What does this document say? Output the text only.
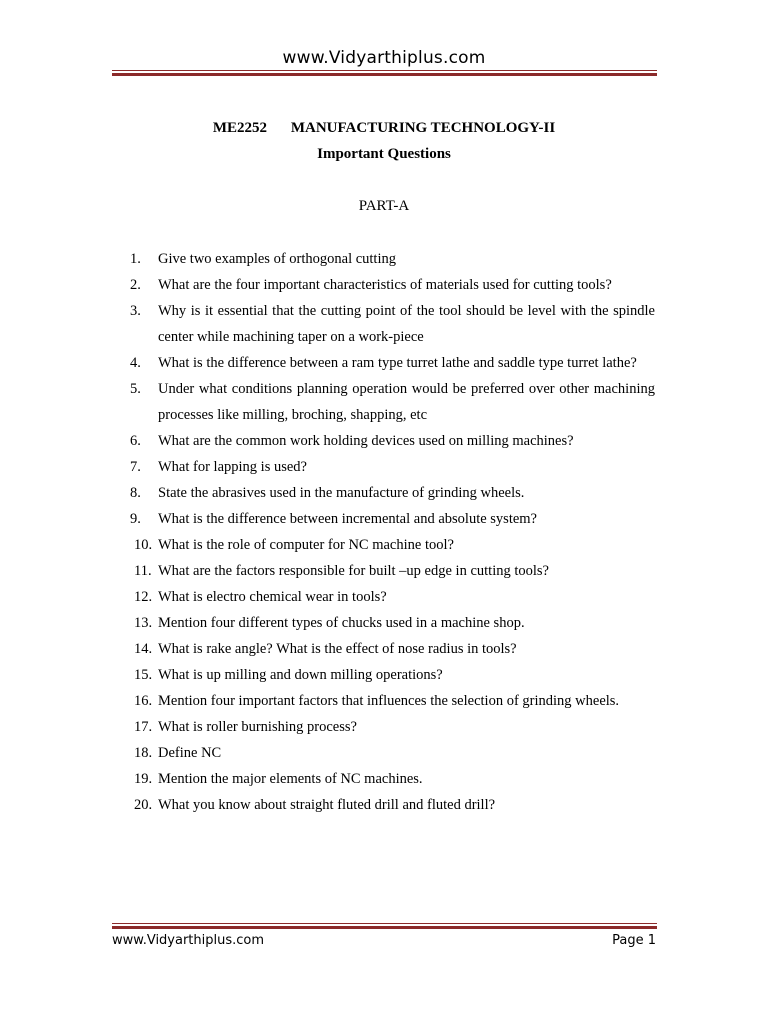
www.Vidyarthiplus.com
ME2252 MANUFACTURING TECHNOLOGY-II
Important Questions
PART-A
1.	Give two examples of orthogonal cutting
2.	What are the four important characteristics of materials used for cutting tools?
3.	Why is it essential that the cutting point of the tool should be level with the spindle center while machining taper on a work-piece
4.	What is the difference between a ram type turret lathe and saddle type turret lathe?
5.	Under what conditions planning operation would be preferred over other machining processes like milling, broching, shapping, etc
6.	What are the common work holding devices used on milling machines?
7.	What for lapping is used?
8.	State the abrasives used in the manufacture of grinding wheels.
9.	What is the difference between incremental and absolute system?
10. What is the role of computer for NC machine tool?
11. What are the factors responsible for built –up edge in cutting tools?
12. What is electro chemical wear in tools?
13. Mention four different types of chucks used in a machine shop.
14. What is rake angle? What is the effect of nose radius in tools?
15. What is up milling and down milling operations?
16. Mention four important factors that influences the selection of grinding wheels.
17. What is roller burnishing process?
18. Define NC
19. Mention the major elements of NC machines.
20. What you know about straight fluted drill and fluted drill?
www.Vidyarthiplus.com	Page 1
